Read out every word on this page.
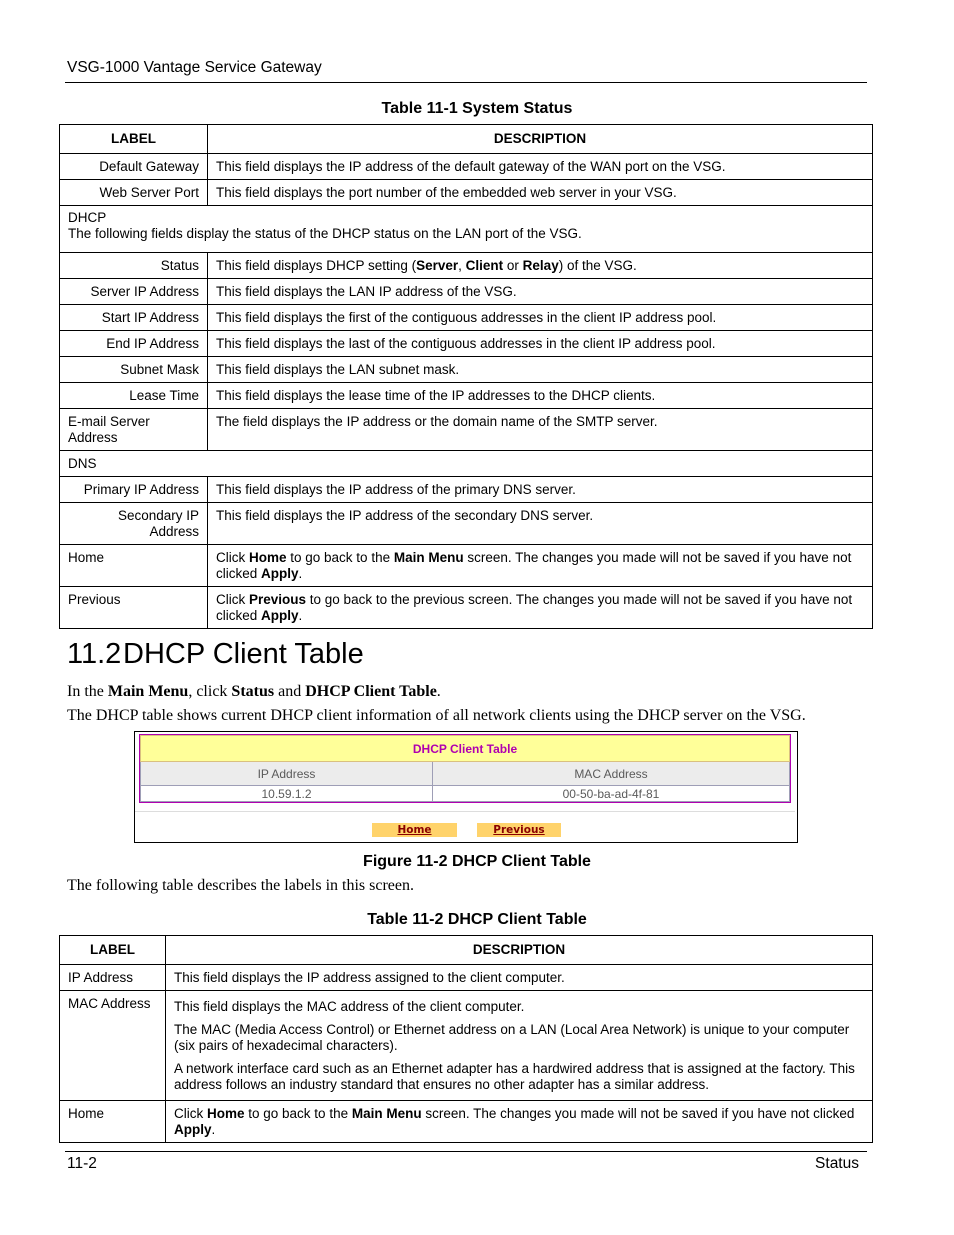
VSG-1000 Vantage Service Gateway
Table 11-1 System Status
LABEL	DESCRIPTION
Default Gateway	This field displays the IP address of the default gateway of the WAN port on the VSG.
Web Server Port	This field displays the port number of the embedded web server in your VSG.

DHCP
The following fields display the status of the DHCP status on the LAN port of the VSG.	

Status	This field displays DHCP setting (Server, Client or Relay) of the VSG.
Server IP Address	This field displays the LAN IP address of the VSG.
Start IP Address	This field displays the first of the contiguous addresses in the client IP address pool.
End IP Address	This field displays the last of the contiguous addresses in the client IP address pool.
Subnet Mask	This field displays the LAN subnet mask.
Lease Time	This field displays the lease time of the IP addresses to the DHCP clients.

E-mail Server
Address	The field displays the IP address or the domain name of the SMTP server.
DNS	
Primary IP Address	This field displays the IP address of the primary DNS server.

Secondary IP
Address	This field displays the IP address of the secondary DNS server.
Home	Click Home to go back to the Main Menu screen. The changes you made will not be saved if you have not clicked Apply.
Previous	Click Previous to go back to the previous screen. The changes you made will not be saved if you have not clicked Apply.
11.2DHCP Client Table
In the Main Menu, click Status and DHCP Client Table.
The DHCP table shows current DHCP client information of all network clients using the DHCP server on the VSG.
DHCP Client Table	
IP Address	MAC Address
10.59.1.2	00-50-ba-ad-4f-81
Home	Previous
Figure 11-2 DHCP Client Table
The following table describes the labels in this screen.
Table 11-2 DHCP Client Table
LABEL	DESCRIPTION
IP Address	This field displays the IP address assigned to the client computer.
MAC Address	This field displays the MAC address of the client computer.

The MAC (Media Access Control) or Ethernet address on a LAN (Local Area Network) is unique to your computer (six pairs of hexadecimal characters).

A network interface card such as an Ethernet adapter has a hardwired address that is assigned at the factory. This address follows an industry standard that ensures no other adapter has a similar address.

Home	Click Home to go back to the Main Menu screen. The changes you made will not be saved if you have not clicked Apply.
11-2	Status
